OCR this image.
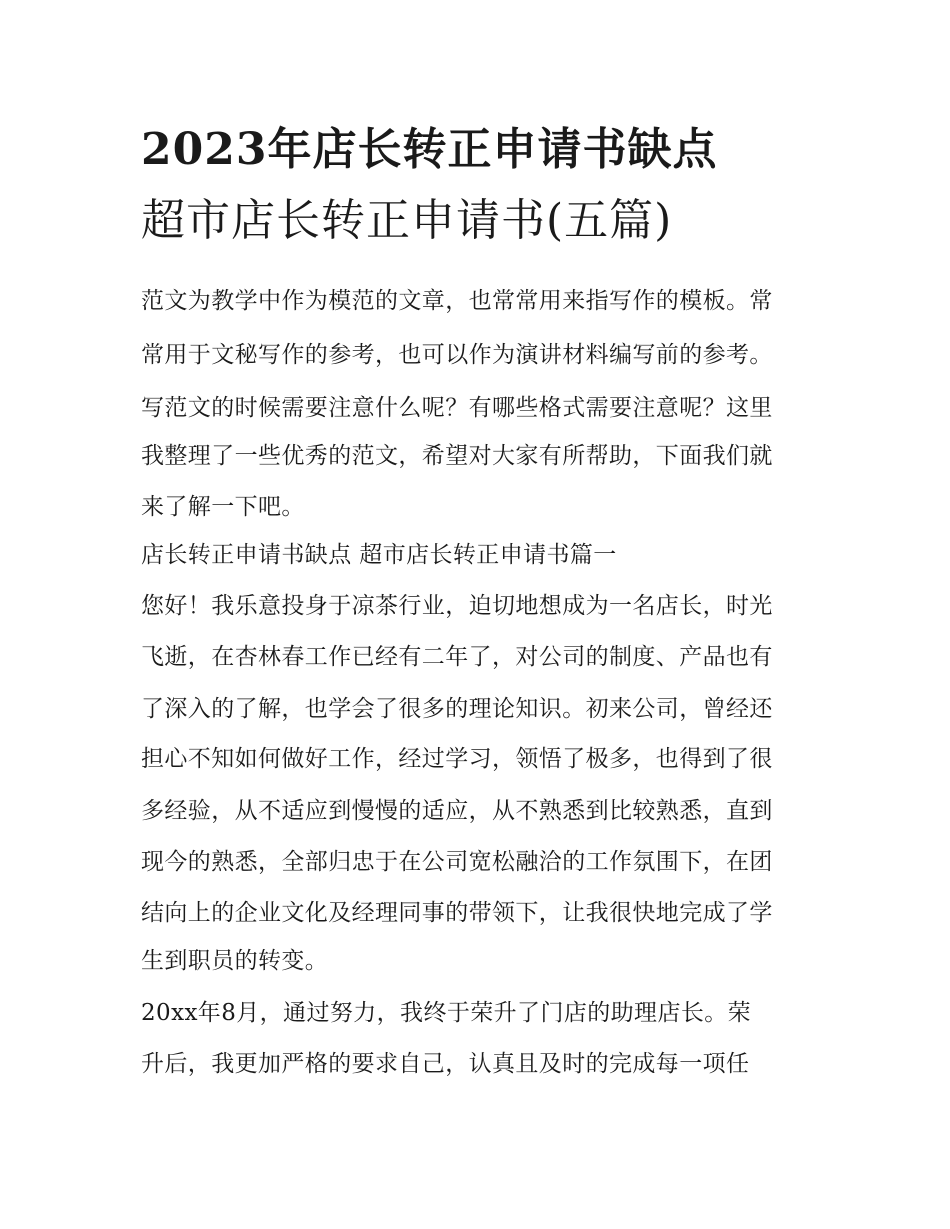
2023年店长转正申请书缺点
超市店长转正申请书(五篇)
范文为教学中作为模范的文章，也常常用来指写作的模板。常
常用于文秘写作的参考，也可以作为演讲材料编写前的参考。
写范文的时候需要注意什么呢？有哪些格式需要注意呢？这里
我整理了一些优秀的范文，希望对大家有所帮助，下面我们就
来了解一下吧。
店长转正申请书缺点 超市店长转正申请书篇一
您好！我乐意投身于凉茶行业，迫切地想成为一名店长，时光
飞逝，在杏林春工作已经有二年了，对公司的制度、产品也有
了深入的了解，也学会了很多的理论知识。初来公司，曾经还
担心不知如何做好工作，经过学习，领悟了极多，也得到了很
多经验，从不适应到慢慢的适应，从不熟悉到比较熟悉，直到
现今的熟悉，全部归忠于在公司宽松融洽的工作氛围下，在团
结向上的企业文化及经理同事的带领下，让我很快地完成了学
生到职员的转变。
20xx年8月，通过努力，我终于荣升了门店的助理店长。荣
升后，我更加严格的要求自己，认真且及时的完成每一项任
